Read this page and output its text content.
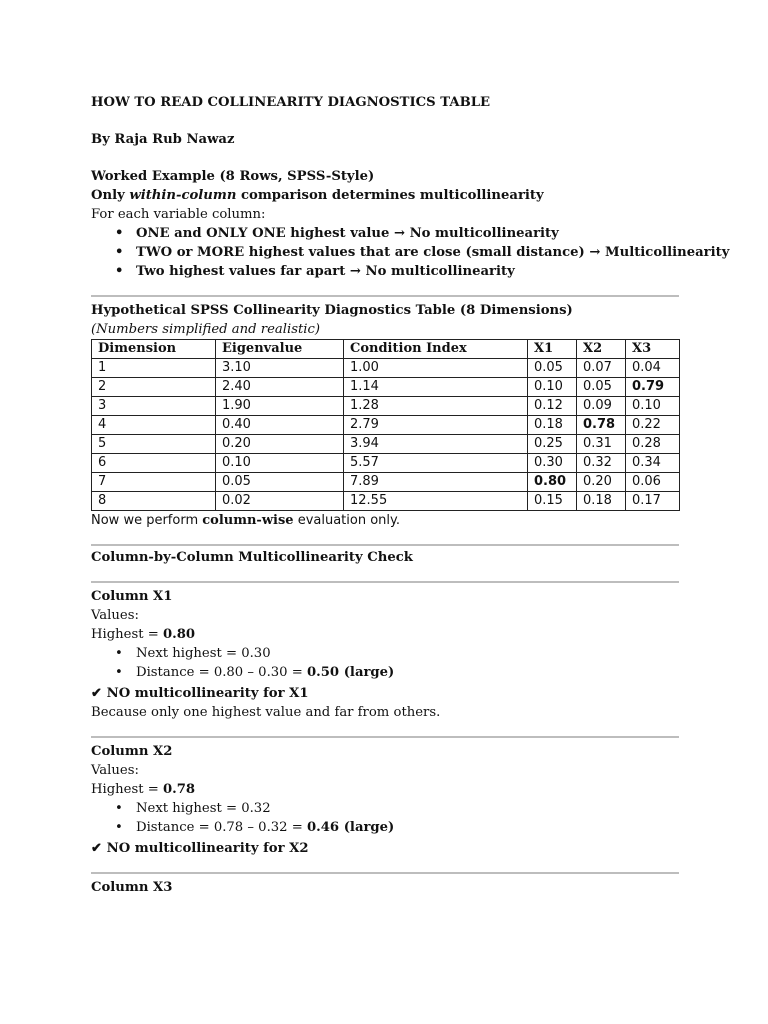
HOW TO READ COLLINEARITY DIAGNOSTICS TABLE
By Raja Rub Nawaz
Worked Example (8 Rows, SPSS-Style)
Only within-column comparison determines multicollinearity
For each variable column:
• ONE and ONLY ONE highest value → No multicollinearity
• TWO or MORE highest values that are close (small distance) → Multicollinearity
• Two highest values far apart → No multicollinearity
Hypothetical SPSS Collinearity Diagnostics Table (8 Dimensions)
(Numbers simplified and realistic)
Dimension	Eigenvalue	Condition Index	X1	X2	X3
1	3.10	1.00	0.05	0.07	0.04
2	2.40	1.14	0.10	0.05	0.79
3	1.90	1.28	0.12	0.09	0.10
4	0.40	2.79	0.18	0.78	0.22
5	0.20	3.94	0.25	0.31	0.28
6	0.10	5.57	0.30	0.32	0.34
7	0.05	7.89	0.80	0.20	0.06
8	0.02	12.55	0.15	0.18	0.17
Now we perform column-wise evaluation only.
Column-by-Column Multicollinearity Check
Column X1
Values:
Highest = 0.80
• Next highest = 0.30
• Distance = 0.80 – 0.30 = 0.50 (large)
✔ NO multicollinearity for X1
Because only one highest value and far from others.
Column X2
Values:
Highest = 0.78
• Next highest = 0.32
• Distance = 0.78 – 0.32 = 0.46 (large)
✔ NO multicollinearity for X2
Column X3
